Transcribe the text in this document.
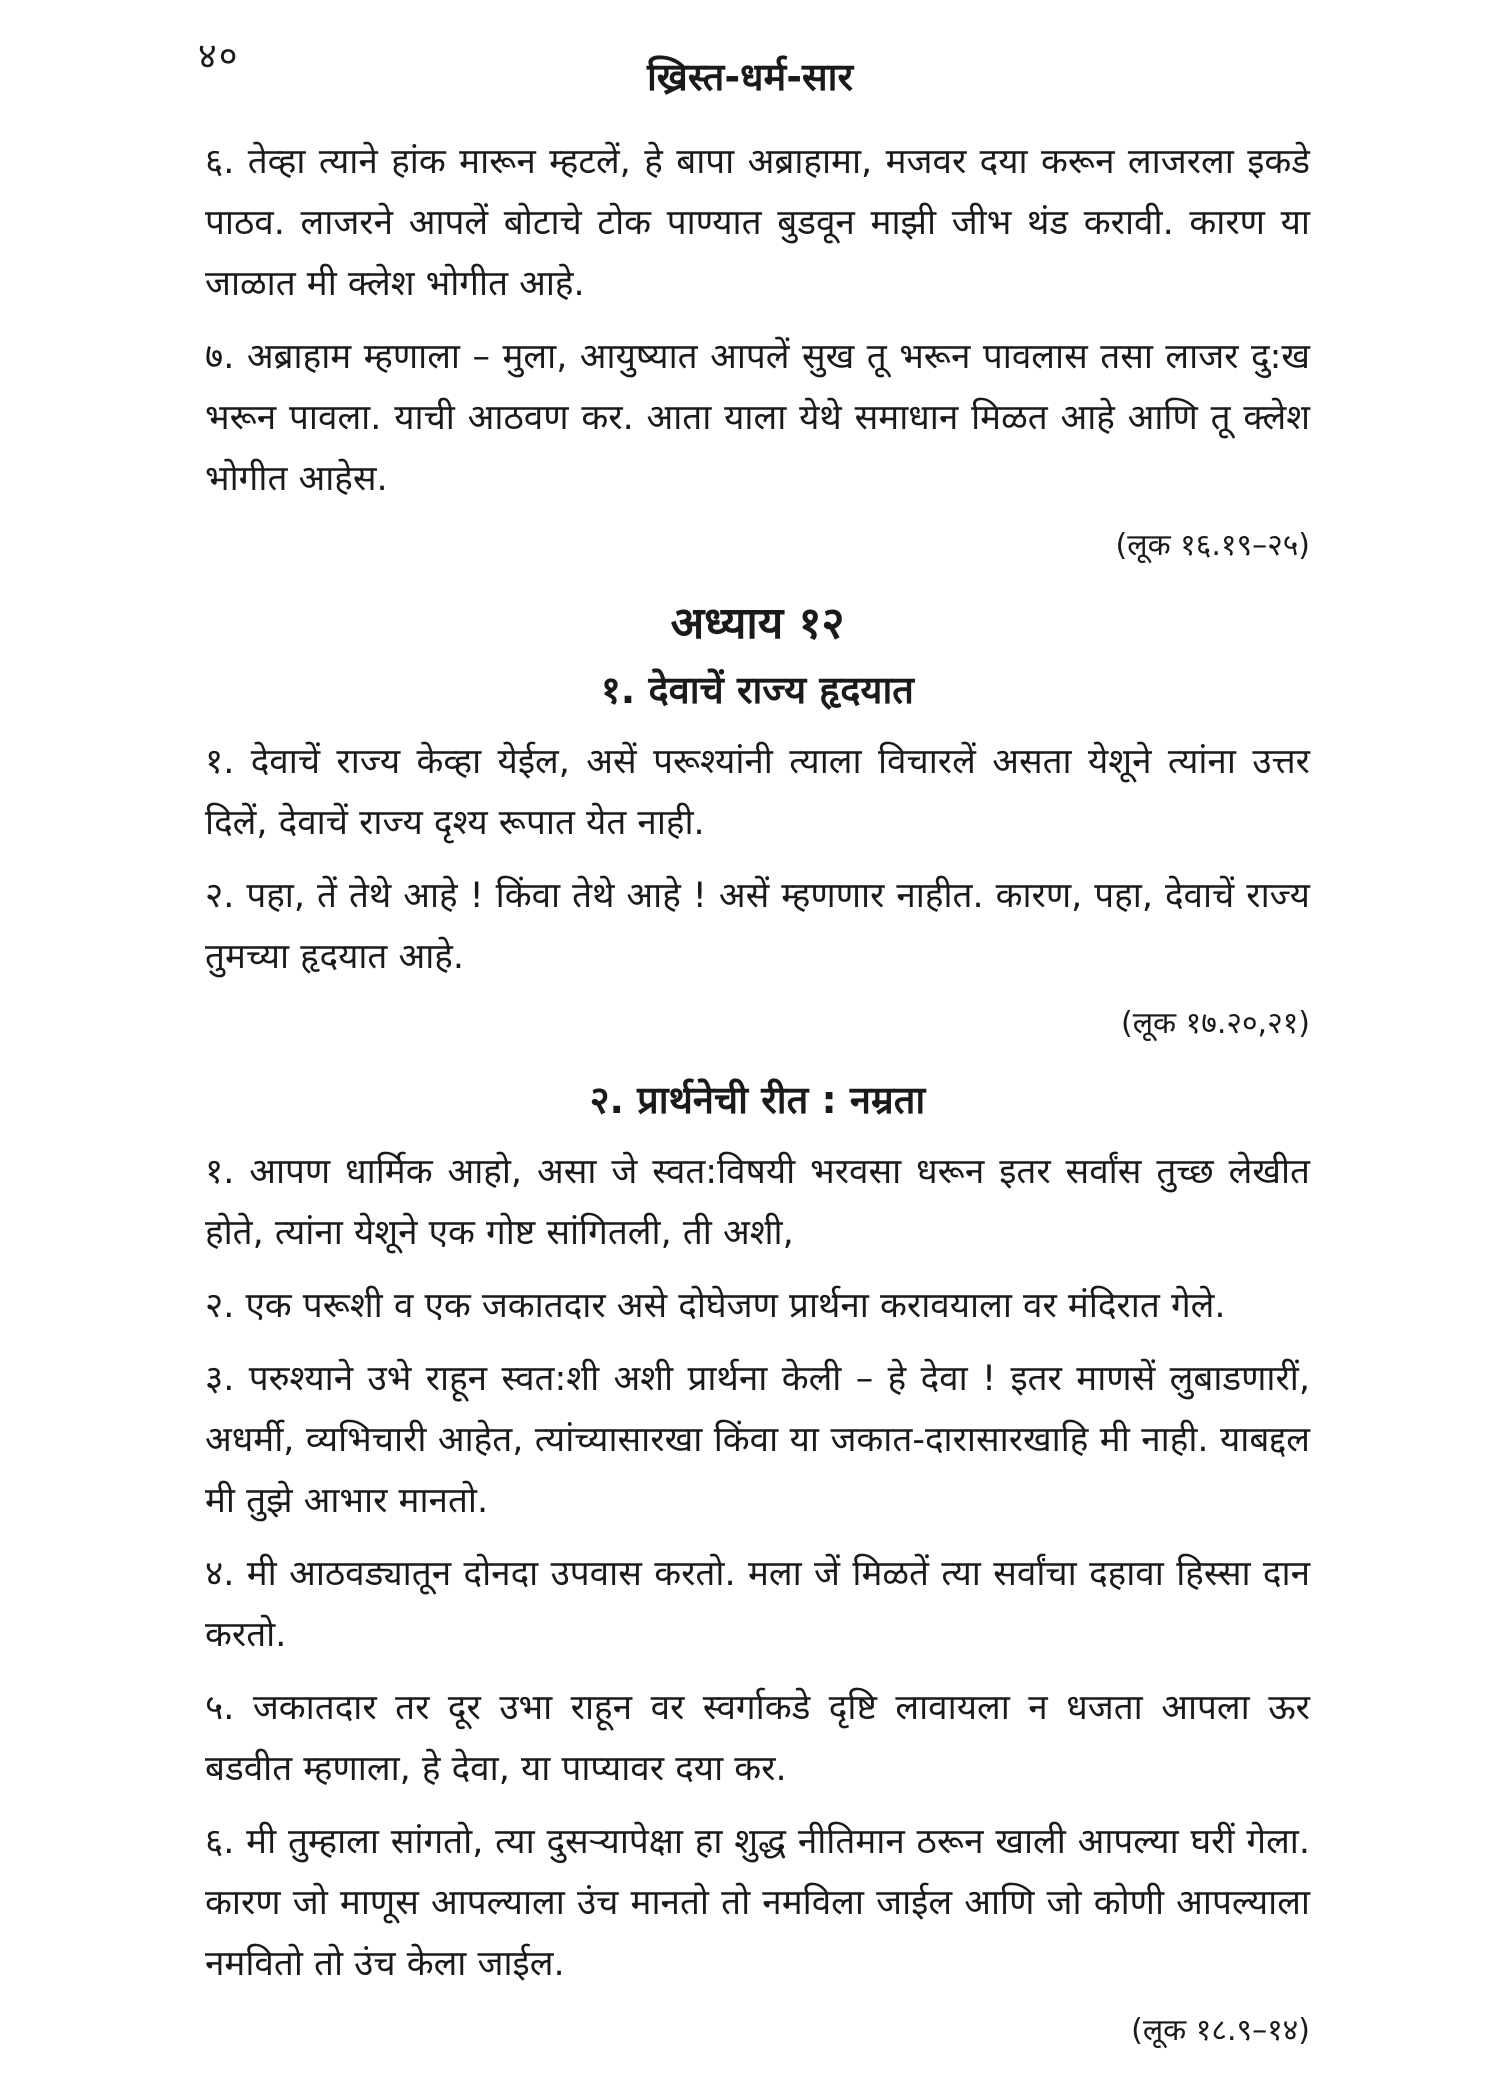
४०	ख्रिस्त-धर्म-सार

६. तेव्हा त्याने हांक मारून म्हटलें, हे बापा अब्राहामा, मजवर दया करून लाजरला इकडे पाठव. लाजरने आपलें बोटाचे टोक पाण्यात बुडवून माझी जीभ थंड करावी. कारण या जाळात मी क्लेश भोगीत आहे.

७. अब्राहाम म्हणाला – मुला, आयुष्यात आपलें सुख तू भरून पावलास तसा लाजर दु:ख भरून पावला. याची आठवण कर. आता याला येथे समाधान मिळत आहे आणि तू क्लेश भोगीत आहेस.

(लूक १६.१९–२५)
अध्याय १२
१. देवाचें राज्य हृदयात

१. देवाचें राज्य केव्हा येईल, असें परूश्यांनी त्याला विचारलें असता येशूने त्यांना उत्तर दिलें, देवाचें राज्य दृश्य रूपात येत नाही.

२. पहा, तें तेथे आहे ! किंवा तेथे आहे ! असें म्हणणार नाहीत. कारण, पहा, देवाचें राज्य तुमच्या हृदयात आहे.

(लूक १७.२०,२१)
२. प्रार्थनेची रीत : नम्रता

१. आपण धार्मिक आहो, असा जे स्वत:विषयी भरवसा धरून इतर सर्वांस तुच्छ लेखीत होते, त्यांना येशूने एक गोष्ट सांगितली, ती अशी,

२. एक परूशी व एक जकातदार असे दोघेजण प्रार्थना करावयाला वर मंदिरात गेले.

३. परुश्याने उभे राहून स्वत:शी अशी प्रार्थना केली – हे देवा ! इतर माणसें लुबाडणारीं, अधर्मी, व्यभिचारी आहेत, त्यांच्यासारखा किंवा या जकात-दारासारखाहि मी नाही. याबद्दल मी तुझे आभार मानतो.

४. मी आठवड्यातून दोनदा उपवास करतो. मला जें मिळतें त्या सर्वांचा दहावा हिस्सा दान करतो.

५. जकातदार तर दूर उभा राहून वर स्वर्गाकडे दृष्टि लावायला न धजता आपला ऊर बडवीत म्हणाला, हे देवा, या पाप्यावर दया कर.

६. मी तुम्हाला सांगतो, त्या दुसऱ्यापेक्षा हा शुद्ध नीतिमान ठरून खाली आपल्या घरीं गेला. कारण जो माणूस आपल्याला उंच मानतो तो नमविला जाईल आणि जो कोणी आपल्याला नमवितो तो उंच केला जाईल.

(लूक १८.९–१४)
